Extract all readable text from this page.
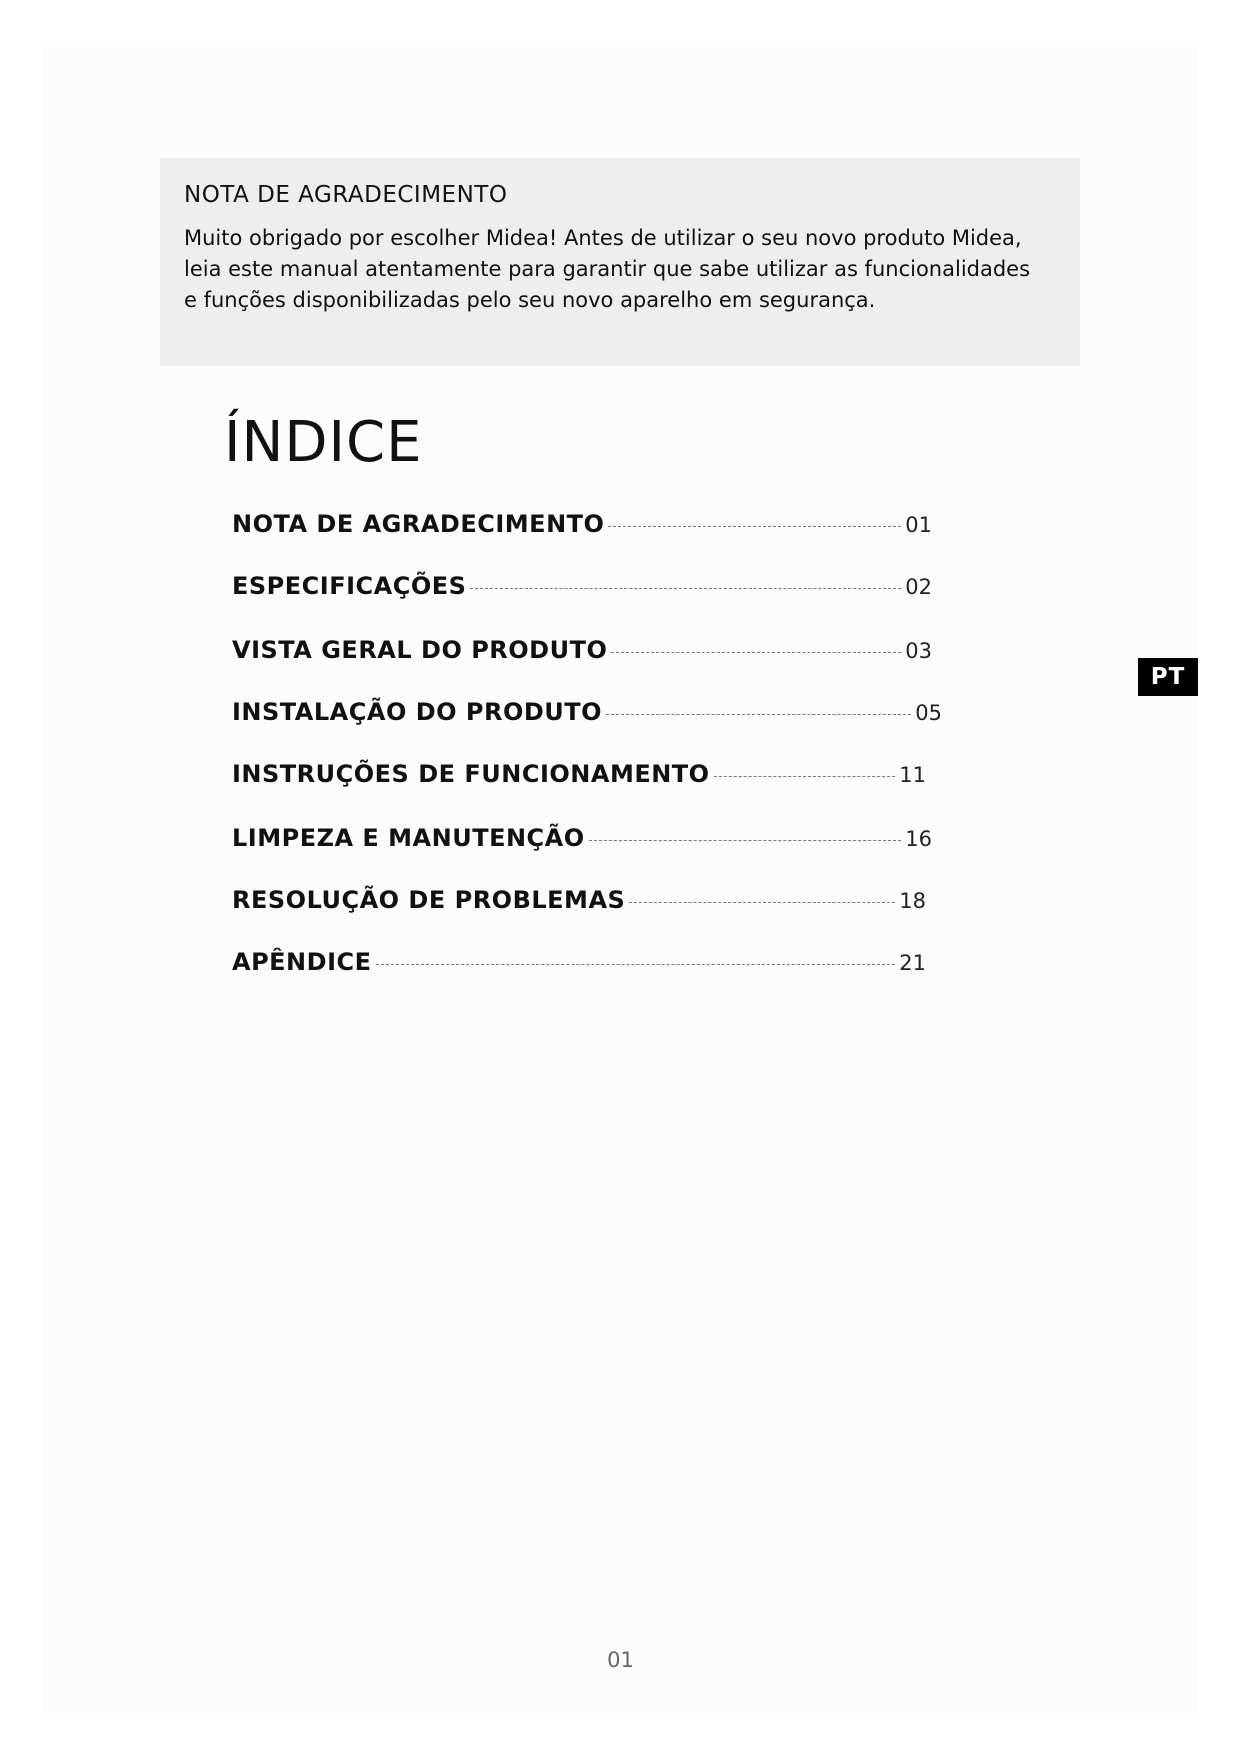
NOTA DE AGRADECIMENTO

Muito obrigado por escolher Midea! Antes de utilizar o seu novo produto Midea, leia este manual atentamente para garantir que sabe utilizar as funcionalidades e funções disponibilizadas pelo seu novo aparelho em segurança.

ÍNDICE
NOTA DE AGRADECIMENTO	01
ESPECIFICAÇÕES	02
VISTA GERAL DO PRODUTO	03
INSTALAÇÃO DO PRODUTO	05
INSTRUÇÕES DE FUNCIONAMENTO	11
LIMPEZA E MANUTENÇÃO	16
RESOLUÇÃO DE PROBLEMAS	18
APÊNDICE	21
PT
01
